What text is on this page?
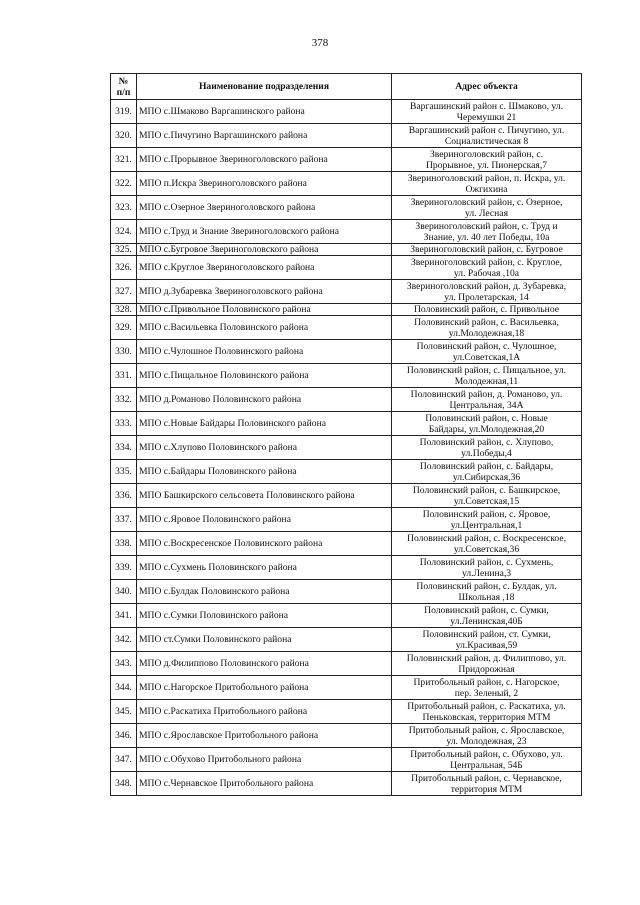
378
№
п/п	Наименование подразделения	Адрес объекта
319.	МПО с.Шмаково Варгашинского района	Варгашинский район с. Шмаково, ул.
Черемушки 21

320.	МПО с.Пичугино Варгашинского района	Варгашинский район с. Пичугино, ул.
Социалистическая 8

321.	МПО с.Прорывное Звериноголовского района	Звериноголовский район, с.
Прорывное, ул. Пионерская,7

322.	МПО п.Искра Звериноголовского района	Звериноголовский район, п. Искра, ул.
Ожгихина

323.	МПО с.Озерное Звериноголовского района	Звериноголовский район, с. Озерное,
ул. Лесная

324.	МПО с.Труд и Знание Звериноголовского района	Звериноголовский район, с. Труд и
Знание, ул. 40 лет Победы, 10а

325.	МПО с.Бугровое Звериноголовского района	Звериноголовский район, с. Бугровое

326.	МПО с.Круглое Звериноголовского района	Звериноголовский район, с. Круглое,
ул. Рабочая ,10а

327.	МПО д.Зубаревка Звериноголовского района	Звериноголовский район, д. Зубаревка,
ул. Пролетарская, 14

328.	МПО с.Привольное Половинского района	Половинский район, с. Привольное

329.	МПО с.Васильевка Половинского района	Половинский район, с. Васильевка,
ул.Молодежная,18

330.	МПО с.Чулошное Половинского района	Половинский район, с. Чулошное,
ул.Советская,1А

331.	МПО с.Пищальное Половинского района	Половинский район, с. Пищальное, ул.
Молодежная,11

332.	МПО д.Романово Половинского района	Половинский район, д. Романово, ул.
Центральная, 34А

333.	МПО с.Новые Байдары Половинского района	Половинский район, с. Новые
Байдары, ул.Молодежная,20

334.	МПО с.Хлупово Половинского района	Половинский район, с. Хлупово,
ул.Победы,4

335.	МПО с.Байдары Половинского района	Половинский район, с. Байдары,
ул.Сибирская,36

336.	МПО Башкирского сельсовета Половинского района	Половинский район, с. Башкирское,
ул.Советская,15

337.	МПО с.Яровое Половинского района	Половинский район, с. Яровое,
ул.Центральная,1

338.	МПО с.Воскресенское Половинского района	Половинский район, с. Воскресенское,
ул.Советская,36

339.	МПО с.Сухмень Половинского района	Половинский район, с. Сухмень,
ул.Ленина,3

340.	МПО с.Булдак Половинского района	Половинский район, с. Булдак, ул.
Школьная ,18

341.	МПО с.Сумки Половинского района	Половинский район, с. Сумки,
ул.Ленинская,40Б

342.	МПО ст.Сумки Половинского района	Половинский район, ст. Сумки,
ул.Красивая,59

343.	МПО д.Филиппово Половинского района	Половинский район, д. Филиппово, ул.
Придорожная

344.	МПО с.Нагорское Притобольного района	Притобольный район, с. Нагорское,
пер. Зеленый, 2

345.	МПО с.Раскатиха Притобольного района	Притобольный район, с. Раскатиха, ул.
Пеньковская, территория МТМ

346.	МПО с.Ярославское Притобольного района	Притобольный район, с. Ярославское,
ул. Молодежная, 23

347.	МПО с.Обухово Притобольного района	Притобольный район, с. Обухово, ул.
Центральная, 54Б

348.	МПО с.Чернавское Притобольного района	Притобольный район, с. Чернавское,
территория МТМ
